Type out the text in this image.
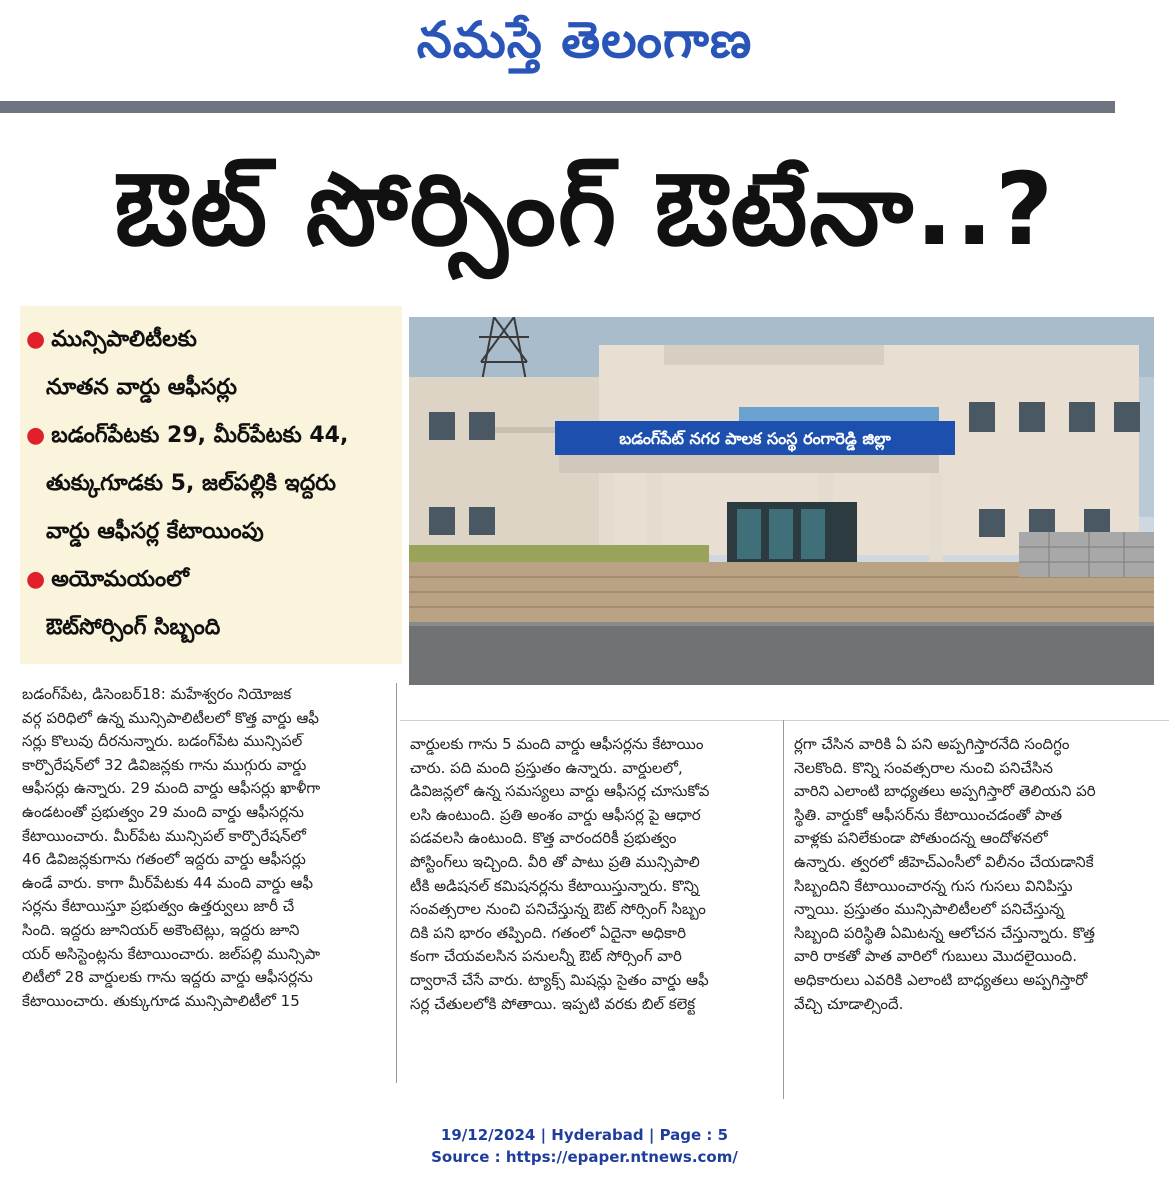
నమస్తే తెలంగాణ
ఔట్ సోర్సింగ్ ఔటేనా..?
● మున్సిపాలిటీలకు
నూతన వార్డు ఆఫీసర్లు
● బడంగ్‌పేటకు 29, మీర్‌పేటకు 44,
తుక్కుగూడకు 5, జల్‌పల్లికి ఇద్దరు
వార్డు ఆఫీసర్ల కేటాయింపు
● అయోమయంలో
ఔట్‌సోర్సింగ్ సిబ్బంది
బడంగ్‌పేట్ నగర పాలక సంస్థ రంగారెడ్డి జిల్లా

బడంగ్‌పేట, డిసెంబర్18: మహేశ్వరం నియోజక

వర్గ పరిధిలో ఉన్న మున్సిపాలిటీలలో కొత్త వార్డు ఆఫీ

సర్లు కొలువు దీరనున్నారు. బడంగ్‌పేట మున్సిపల్

కార్పొరేషన్‌లో 32 డివిజన్లకు గాను ముగ్గురు వార్డు

ఆఫీసర్లు ఉన్నారు. 29 మంది వార్డు ఆఫీసర్లు ఖాళీగా

ఉండటంతో ప్రభుత్వం 29 మంది వార్డు ఆఫీసర్లను

కేటాయించారు. మీర్‌పేట మున్సిపల్ కార్పొరేషన్‌లో

46 డివిజన్లకుగాను గతంలో ఇద్దరు వార్డు ఆఫీసర్లు

ఉండే వారు. కాగా మీర్‌పేటకు 44 మంది వార్డు ఆఫీ

సర్లను కేటాయిస్తూ ప్రభుత్వం ఉత్తర్వులు జారీ చే

సింది. ఇద్దరు జూనియర్ అకౌంటెట్లు, ఇద్దరు జూని

యర్ అసిస్టెంట్లను కేటాయించారు. జల్‌పల్లి మున్సిపా

లిటీలో 28 వార్డులకు గాను ఇద్దరు వార్డు ఆఫీసర్లను

కేటాయించారు. తుక్కుగూడ మున్సిపాలిటీలో 15

వార్డులకు గాను 5 మంది వార్డు ఆఫీసర్లను కేటాయిం

చారు. పది మంది ప్రస్తుతం ఉన్నారు. వార్డులలో,

డివిజన్లలో ఉన్న సమస్యలు వార్డు ఆఫీసర్ల చూసుకోవ

లసి ఉంటుంది. ప్రతి అంశం వార్డు ఆఫీసర్ల పై ఆధార

పడవలసి ఉంటుంది. కొత్త వారందరికీ ప్రభుత్వం

పోస్టింగ్‌లు ఇచ్చింది. వీరి తో పాటు ప్రతి మున్సిపాలి

టీకి అడిషనల్ కమిషనర్లను కేటాయిస్తున్నారు. కొన్ని

సంవత్సరాల నుంచి పనిచేస్తున్న ఔట్ సోర్సింగ్ సిబ్బం

దికి పని భారం తప్పింది. గతంలో ఏదైనా అధికారి

కంగా చేయవలసిన పనులన్నీ ఔట్ సోర్సింగ్ వారి

ద్వారానే చేసే వారు. ట్యాక్స్ మిషన్లు సైతం వార్డు ఆఫీ

సర్ల చేతులలోకి పోతాయి. ఇప్పటి వరకు బిల్ కలెక్ట

ర్లగా చేసిన వారికి ఏ పని అప్పగిస్తారనేది సందిగ్ధం

నెలకొంది. కొన్ని సంవత్సరాల నుంచి పనిచేసిన

వారిని ఎలాంటి బాధ్యతలు అప్పగిస్తారో తెలియని పరి

స్థితి. వార్డుకో ఆఫీసర్‌ను కేటాయించడంతో పాత

వాళ్లకు పనిలేకుండా పోతుందన్న ఆందోళనలో

ఉన్నారు. త్వరలో జీహెచ్‌ఎంసీలో విలీనం చేయడానికే

సిబ్బందిని కేటాయించారన్న గుస గుసలు వినిపిస్తు

న్నాయి. ప్రస్తుతం మున్సిపాలిటీలలో పనిచేస్తున్న

సిబ్బంది పరిస్థితి ఏమిటన్న ఆలోచన చేస్తున్నారు. కొత్త

వారి రాకతో పాత వారిలో గుబులు మొదలైయింది.

అధికారులు ఎవరికి ఎలాంటి బాధ్యతలు అప్పగిస్తారో

వేచ్చి చూడాల్సిందే.

19/12/2024 | Hyderabad | Page : 5
Source : https://epaper.ntnews.com/
